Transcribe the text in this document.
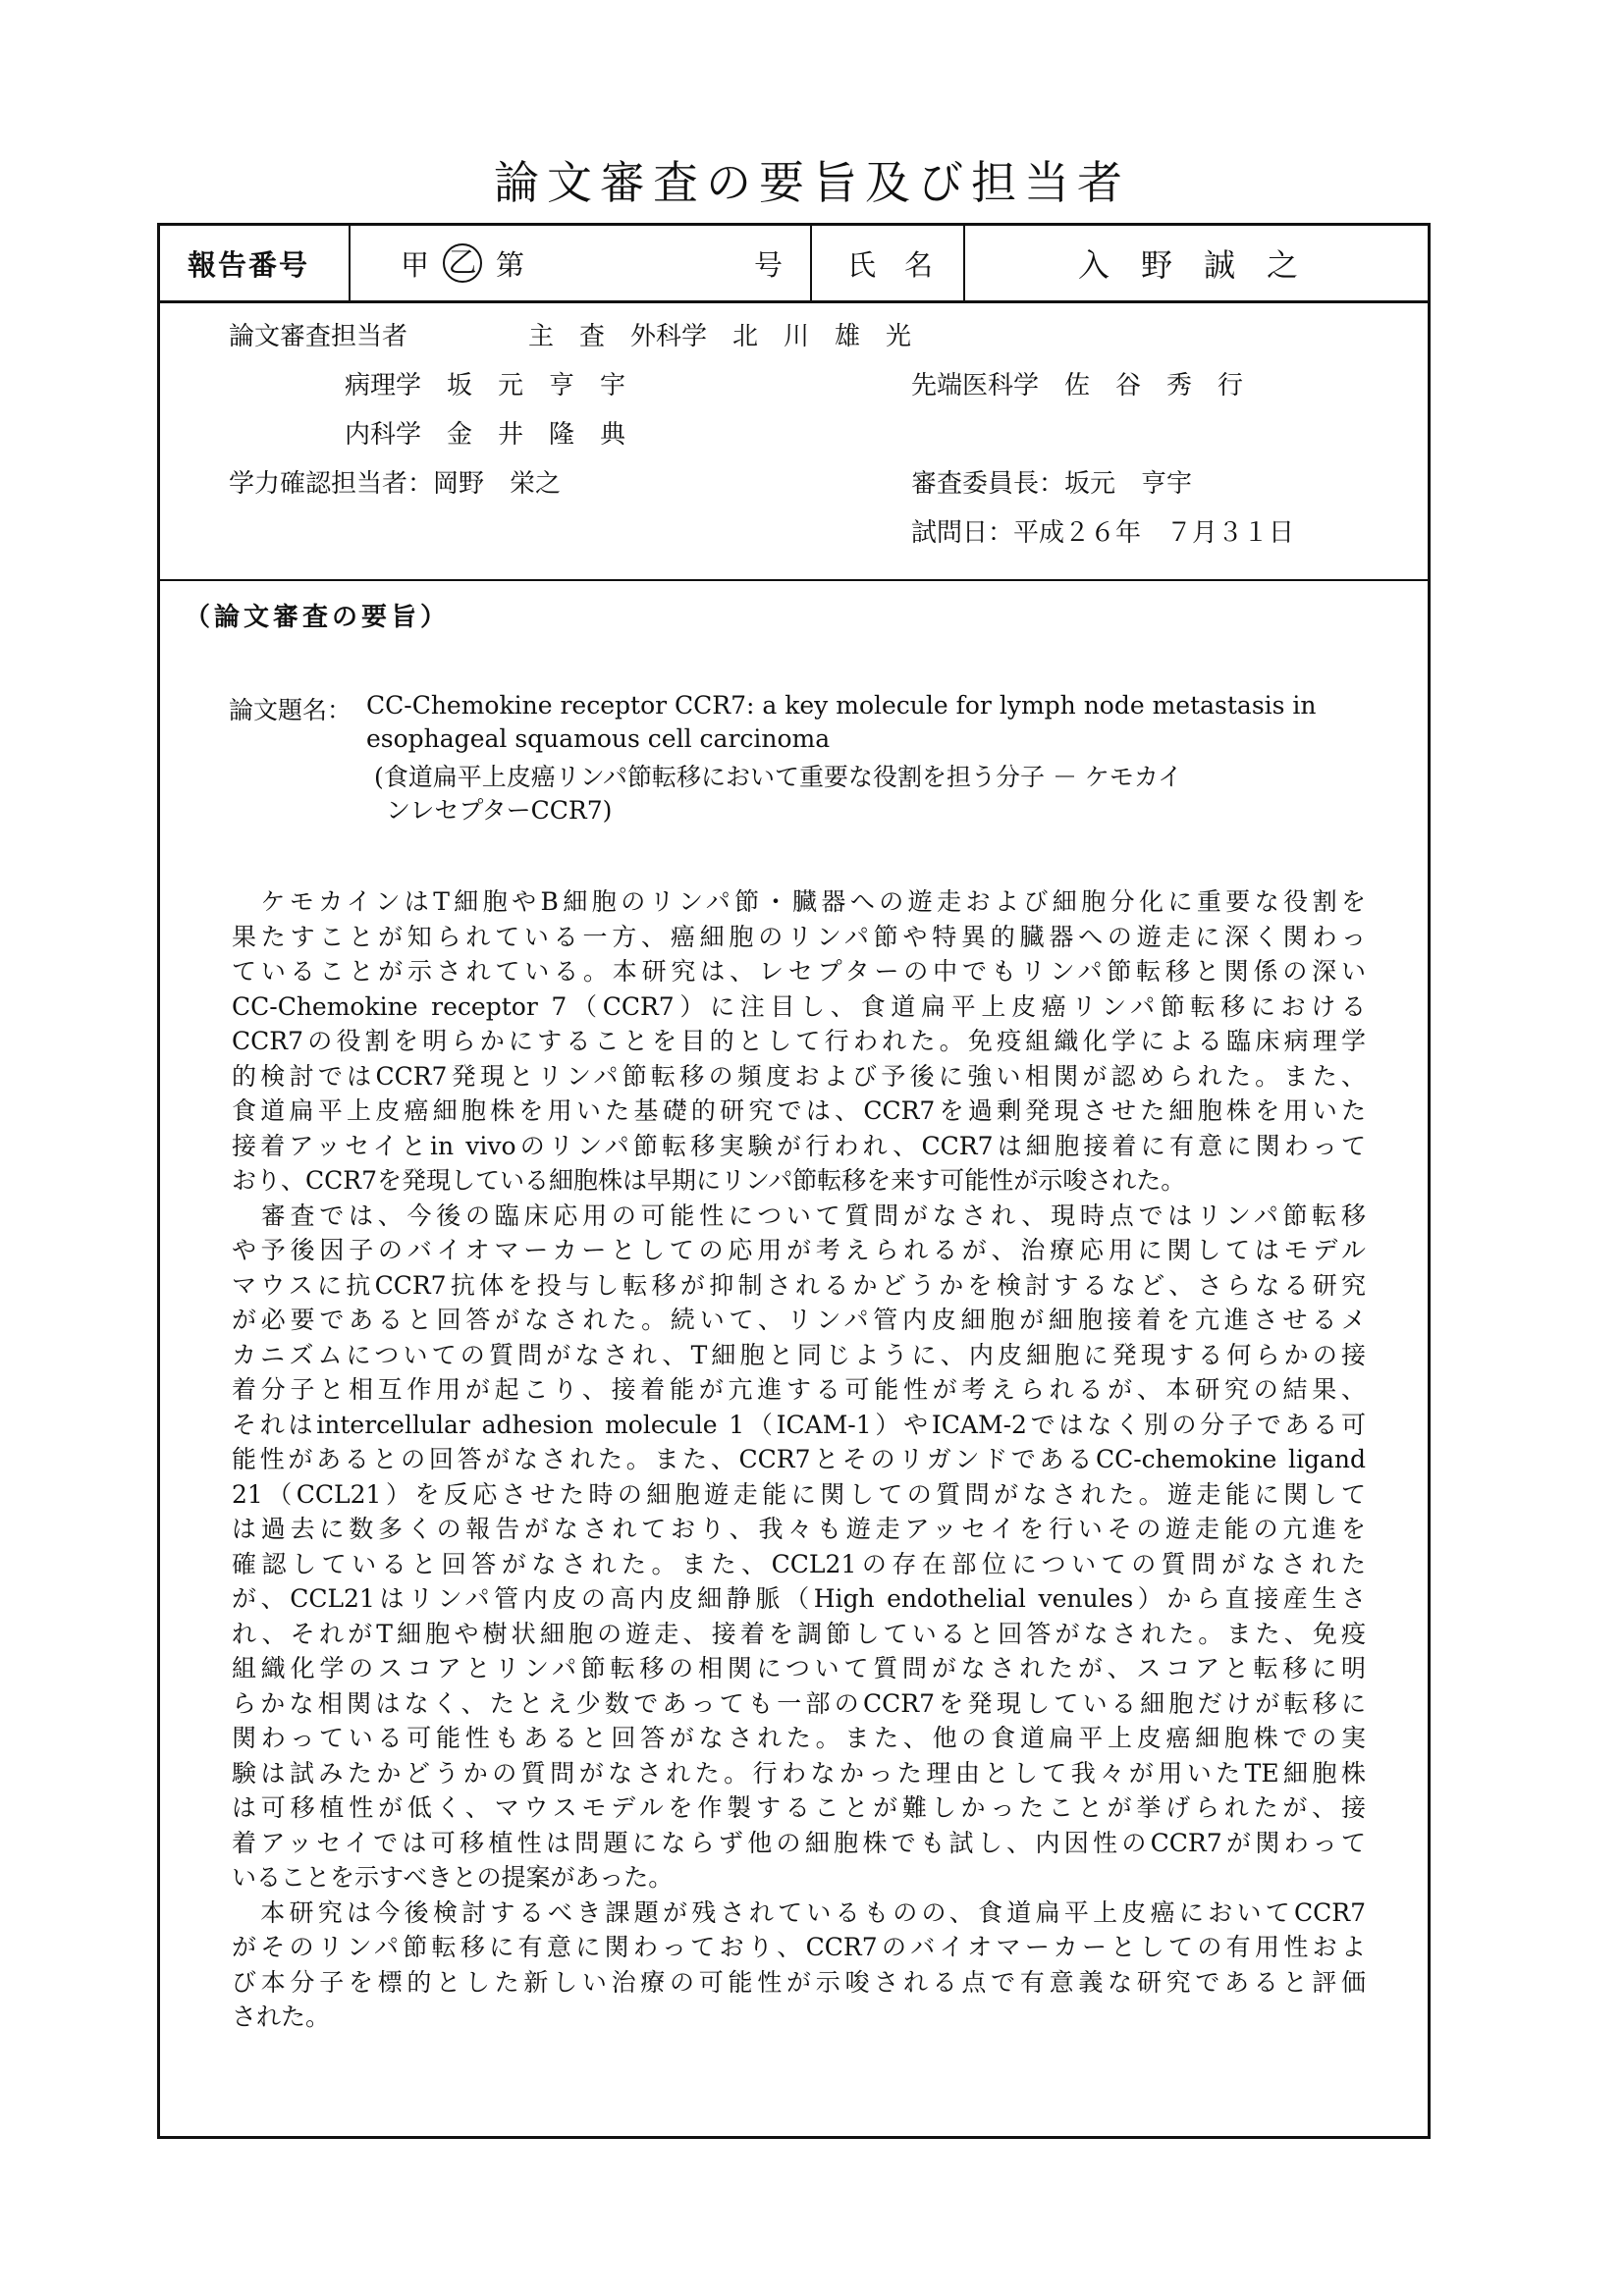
論文審査の要旨及び担当者
報告番号	甲 乙 第	号 氏　名	入　野　誠　之
論文審査担当者	主　査　外科学　北　川　雄　光
病理学　坂　元　亨　宇	先端医科学　佐　谷　秀　行
内科学　金　井　隆　典
学力確認担当者：岡野　栄之	審査委員長：坂元　亨宇
試問日：平成２６年　７月３１日
（論文審査の要旨）
論文題名： CC-Chemokine receptor CCR7: a key molecule for lymph node metastasis in
esophageal squamous cell carcinoma
(食道扁平上皮癌リンパ節転移において重要な役割を担う分子 － ケモカイ
ンレセプターCCR7)
　ケモカインはT細胞やB細胞のリンパ節・臓器への遊走および細胞分化に重要な役割を
果たすことが知られている一方、癌細胞のリンパ節や特異的臓器への遊走に深く関わっ
ていることが示されている。本研究は、レセプターの中でもリンパ節転移と関係の深い
CC-Chemokine receptor 7（CCR7）に注目し、食道扁平上皮癌リンパ節転移における
CCR7の役割を明らかにすることを目的として行われた。免疫組織化学による臨床病理学
的検討ではCCR7発現とリンパ節転移の頻度および予後に強い相関が認められた。また、
食道扁平上皮癌細胞株を用いた基礎的研究では、CCR7を過剰発現させた細胞株を用いた
接着アッセイとin vivoのリンパ節転移実験が行われ、CCR7は細胞接着に有意に関わって
おり、CCR7を発現している細胞株は早期にリンパ節転移を来す可能性が示唆された。
　審査では、今後の臨床応用の可能性について質問がなされ、現時点ではリンパ節転移
や予後因子のバイオマーカーとしての応用が考えられるが、治療応用に関してはモデル
マウスに抗CCR7抗体を投与し転移が抑制されるかどうかを検討するなど、さらなる研究
が必要であると回答がなされた。続いて、リンパ管内皮細胞が細胞接着を亢進させるメ
カニズムについての質問がなされ、T細胞と同じように、内皮細胞に発現する何らかの接
着分子と相互作用が起こり、接着能が亢進する可能性が考えられるが、本研究の結果、
それはintercellular adhesion molecule 1（ICAM-1）やICAM-2ではなく別の分子である可
能性があるとの回答がなされた。また、CCR7とそのリガンドであるCC-chemokine ligand
21（CCL21）を反応させた時の細胞遊走能に関しての質問がなされた。遊走能に関して
は過去に数多くの報告がなされており、我々も遊走アッセイを行いその遊走能の亢進を
確認していると回答がなされた。また、CCL21の存在部位についての質問がなされた
が、CCL21はリンパ管内皮の高内皮細静脈（High endothelial venules）から直接産生さ
れ、それがT細胞や樹状細胞の遊走、接着を調節していると回答がなされた。また、免疫
組織化学のスコアとリンパ節転移の相関について質問がなされたが、スコアと転移に明
らかな相関はなく、たとえ少数であっても一部のCCR7を発現している細胞だけが転移に
関わっている可能性もあると回答がなされた。また、他の食道扁平上皮癌細胞株での実
験は試みたかどうかの質問がなされた。行わなかった理由として我々が用いたTE細胞株
は可移植性が低く、マウスモデルを作製することが難しかったことが挙げられたが、接
着アッセイでは可移植性は問題にならず他の細胞株でも試し、内因性のCCR7が関わって
いることを示すべきとの提案があった。
　本研究は今後検討するべき課題が残されているものの、食道扁平上皮癌においてCCR7
がそのリンパ節転移に有意に関わっており、CCR7のバイオマーカーとしての有用性およ
び本分子を標的とした新しい治療の可能性が示唆される点で有意義な研究であると評価
された。
